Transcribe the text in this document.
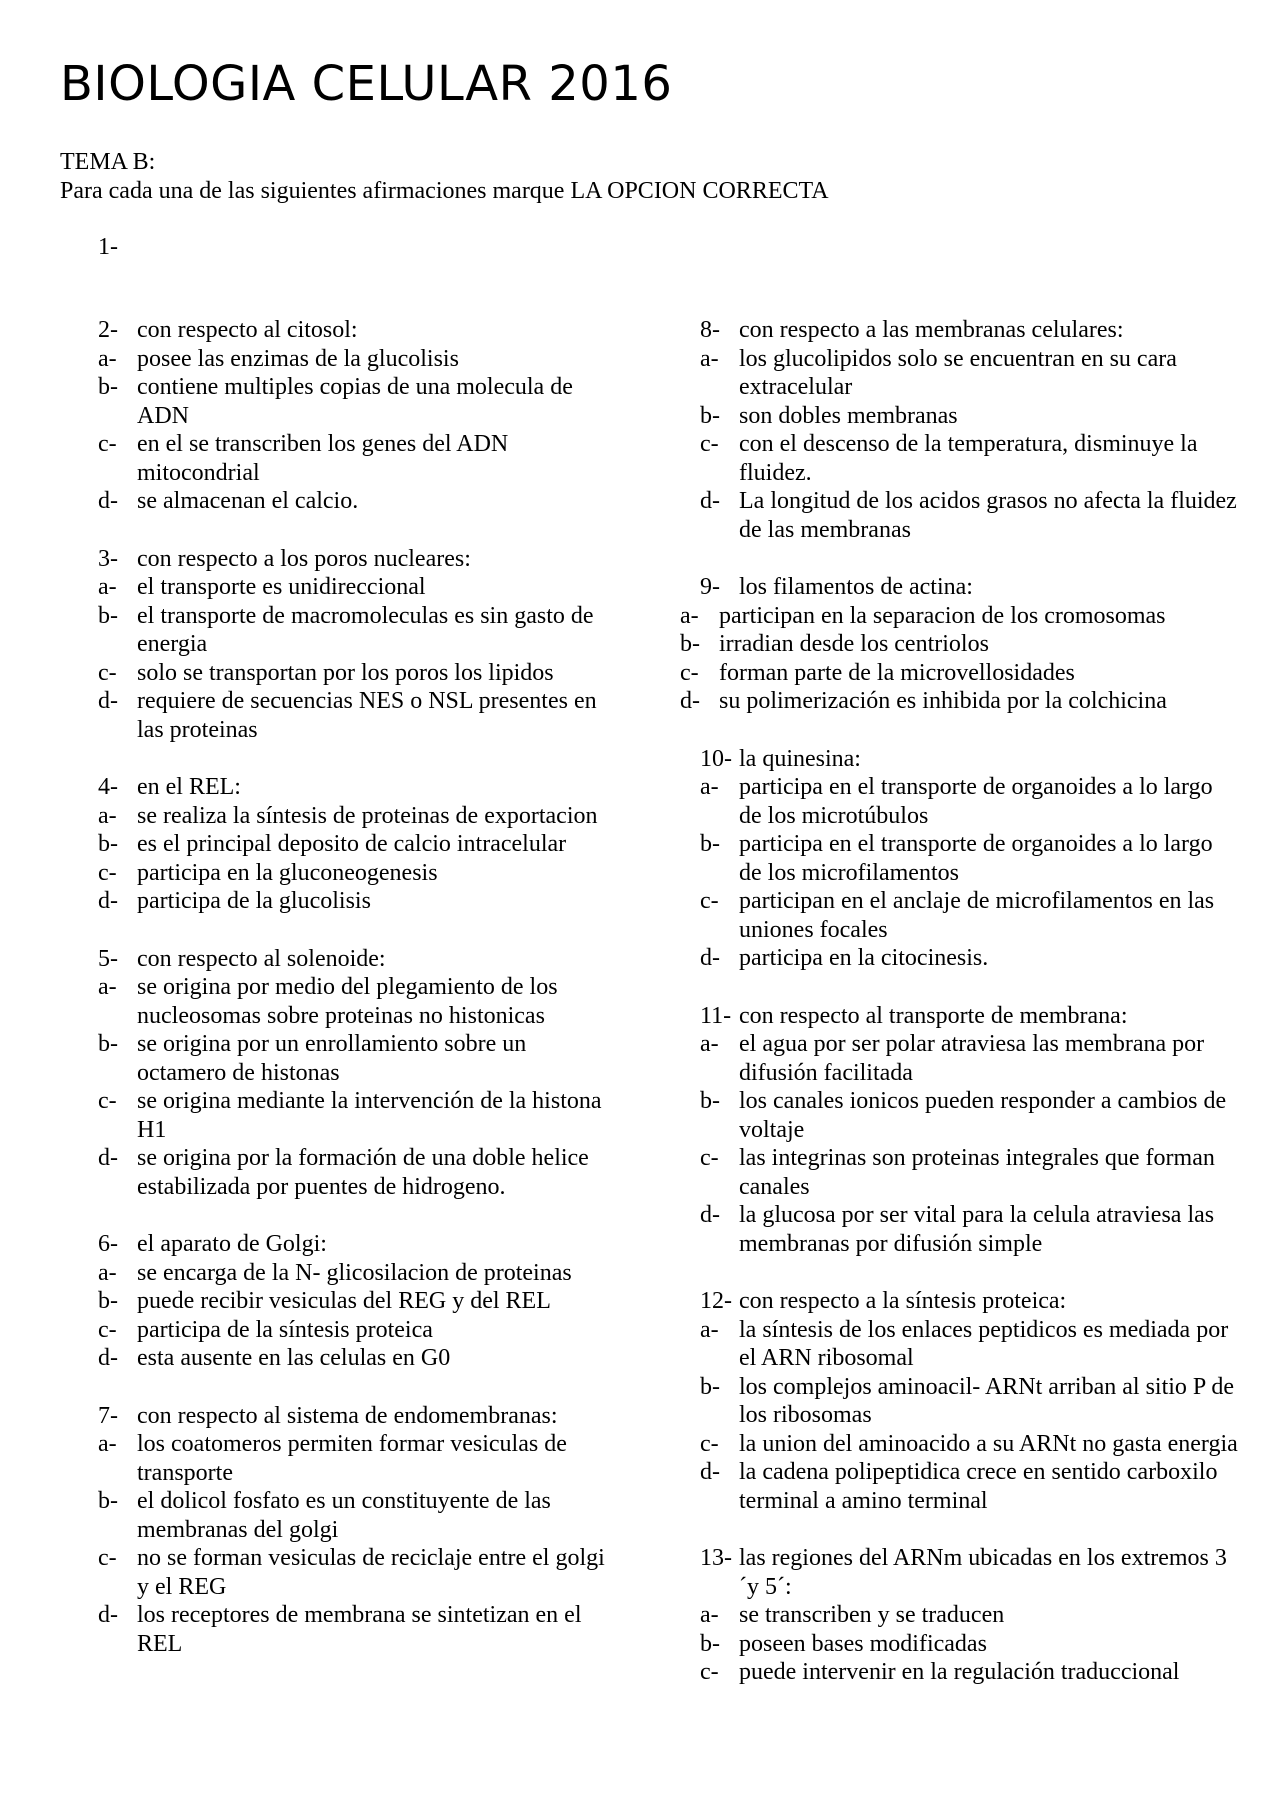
BIOLOGIA CELULAR 2016
TEMA B:
Para cada una de las siguientes afirmaciones marque LA OPCION CORRECTA
1-
2- con respecto al citosol:
a- posee las enzimas de la glucolisis
b- contiene multiples copias de una molecula de ADN
c- en el se transcriben los genes del ADN mitocondrial
d- se almacenan el calcio.
3- con respecto a los poros nucleares:
a- el transporte es unidireccional
b- el transporte de macromoleculas es sin gasto de energia
c- solo se transportan por los poros los lipidos
d- requiere de secuencias NES o NSL presentes en las proteinas
4- en el REL:
a- se realiza la síntesis de proteinas de exportacion
b- es el principal deposito de calcio intracelular
c- participa en la gluconeogenesis
d- participa de la glucolisis
5- con respecto al solenoide:
a- se origina por medio del plegamiento de los nucleosomas sobre proteinas no histonicas
b- se origina por un enrollamiento sobre un octamero de histonas
c- se origina mediante la intervención de la histona H1
d- se origina por la formación de una doble helice estabilizada por puentes de hidrogeno.
6- el aparato de Golgi:
a- se encarga de la N- glicosilacion de proteinas
b- puede recibir vesiculas del REG y del REL
c- participa de la síntesis proteica
d- esta ausente en las celulas en G0
7- con respecto al sistema de endomembranas:
a- los coatomeros permiten formar vesiculas de transporte
b- el dolicol fosfato es un constituyente de las membranas del golgi
c- no se forman vesiculas de reciclaje entre el golgi y el REG
d- los receptores de membrana se sintetizan en el REL
8- con respecto a las membranas celulares:
a- los glucolipidos solo se encuentran en su cara extracelular
b- son dobles membranas
c- con el descenso de la temperatura, disminuye la fluidez.
d- La longitud de los acidos grasos no afecta la fluidez de las membranas
9- los filamentos de actina:
a- participan en la separacion de los cromosomas
b- irradian desde los centriolos
c- forman parte de la microvellosidades
d- su polimerización es inhibida por la colchicina
10- la quinesina:
a- participa en el transporte de organoides a lo largo de los microtúbulos
b- participa en el transporte de organoides a lo largo de los microfilamentos
c- participan en el anclaje de microfilamentos en las uniones focales
d- participa en la citocinesis.
11- con respecto al transporte de membrana:
a- el agua por ser polar atraviesa las membrana por difusión facilitada
b- los canales ionicos pueden responder a cambios de voltaje
c- las integrinas son proteinas integrales que forman canales
d- la glucosa por ser vital para la celula atraviesa las membranas por difusión simple
12- con respecto a la síntesis proteica:
a- la síntesis de los enlaces peptidicos es mediada por el ARN ribosomal
b- los complejos aminoacil- ARNt arriban al sitio P de los ribosomas
c- la union del aminoacido a su ARNt no gasta energia
d- la cadena polipeptidica crece en sentido carboxilo terminal a amino terminal
13- las regiones del ARNm ubicadas en los extremos 3´y 5´:
a- se transcriben y se traducen
b- poseen bases modificadas
c- puede intervenir en la regulación traduccional
